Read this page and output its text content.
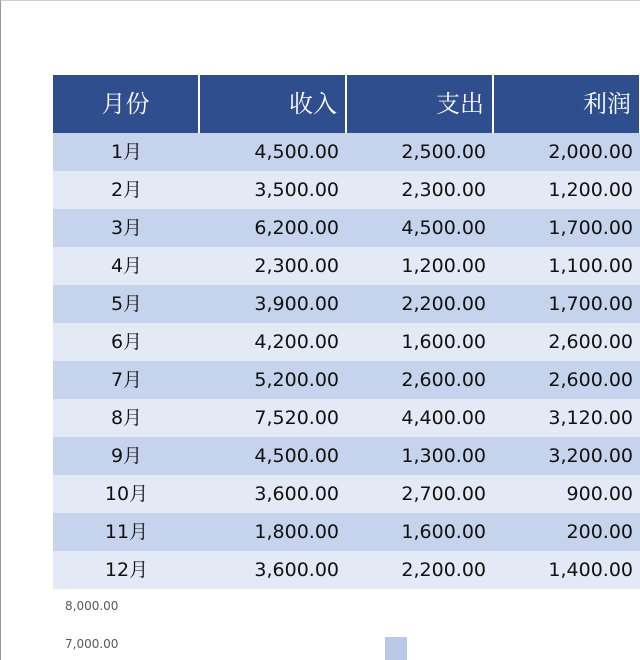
月份	收入	支出	利润
1月	4,500.00	2,500.00	2,000.00
2月	3,500.00	2,300.00	1,200.00
3月	6,200.00	4,500.00	1,700.00
4月	2,300.00	1,200.00	1,100.00
5月	3,900.00	2,200.00	1,700.00
6月	4,200.00	1,600.00	2,600.00
7月	5,200.00	2,600.00	2,600.00
8月	7,520.00	4,400.00	3,120.00
9月	4,500.00	1,300.00	3,200.00
10月	3,600.00	2,700.00	900.00
11月	1,800.00	1,600.00	200.00
12月	3,600.00	2,200.00	1,400.00
8,000.00
7,000.00
